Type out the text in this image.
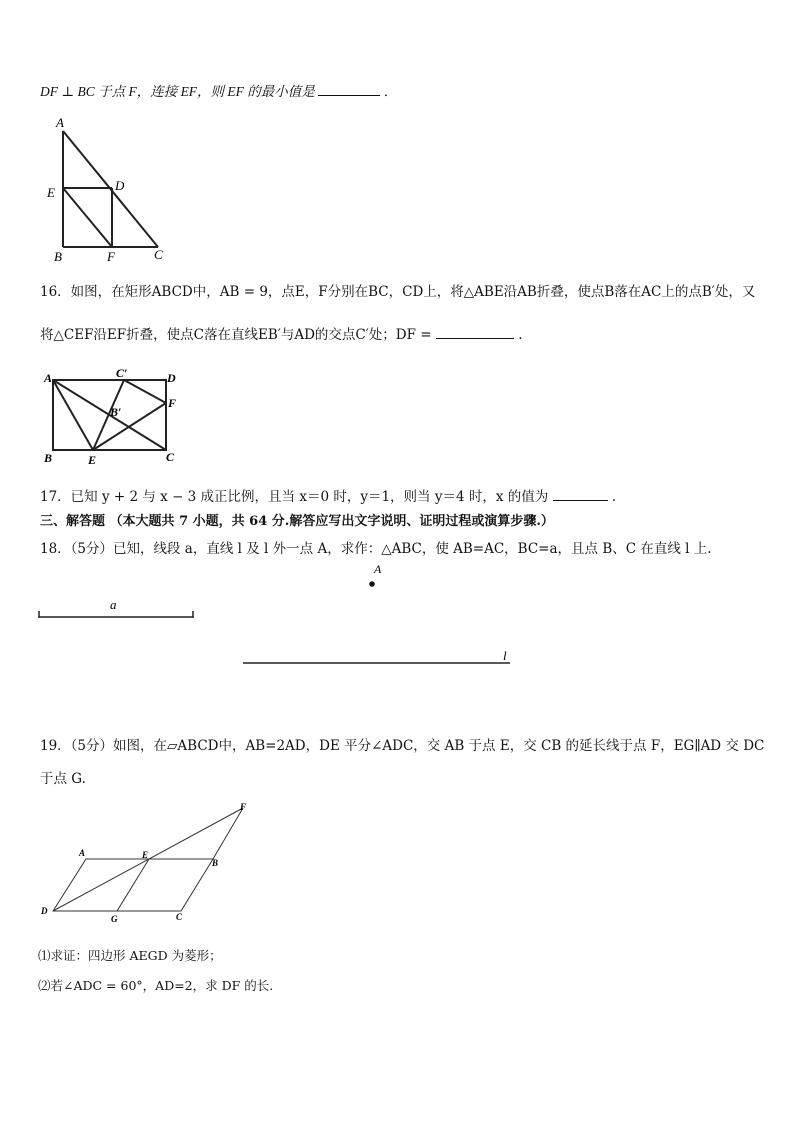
DF ⊥ BC 于点 F，连接 EF，则 EF 的最小值是	．
A
E	D
B	F	C
16．如图，在矩形ABCD中，AB = 9，点E，F分别在BC，CD上，将△ABE沿AB折叠，使点B落在AC上的点B′处，又
将△CEF沿EF折叠，使点C落在直线EB′与AD的交点C′处；DF =	.
A	C′	D
F
B′
B	E	C
17．已知 y + 2 与 x − 3 成正比例，且当 x＝0 时，y＝1，则当 y＝4 时，x 的值为	．
三、解答题 （本大题共 7 小题，共 64 分.解答应写出文字说明、证明过程或演算步骤.）
18．（5分）已知，线段 a，直线 l 及 l 外一点 A，求作：△ABC，使 AB=AC，BC=a，且点 B、C 在直线 l 上.
A
a
l
19．（5分）如图，在▱ABCD中，AB=2AD，DE 平分∠ADC，交 AB 于点 E，交 CB 的延长线于点 F，EG∥AD 交 DC
于点 G.
F
A	E
B
D
G	C
⑴求证：四边形 AEGD 为菱形；
⑵若∠ADC = 60°，AD=2，求 DF 的长.
